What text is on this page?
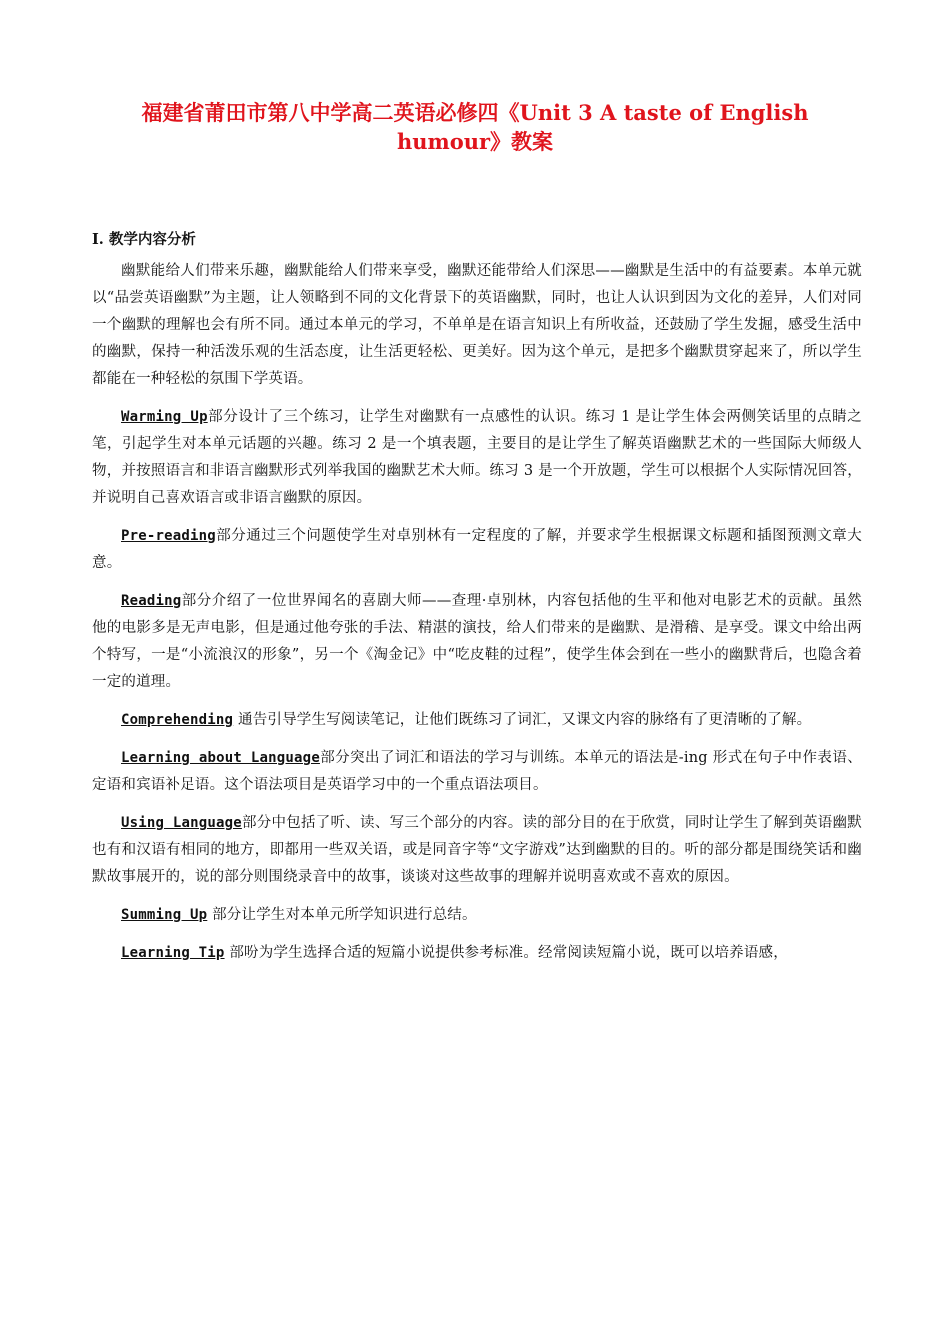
福建省莆田市第八中学高二英语必修四《Unit 3 A taste of English
humour》教案
I. 教学内容分析

幽默能给人们带来乐趣，幽默能给人们带来享受，幽默还能带给人们深思——幽默是生活中的有益要素。本单元就以“品尝英语幽默”为主题，让人领略到不同的文化背景下的英语幽默，同时，也让人认识到因为文化的差异，人们对同一个幽默的理解也会有所不同。通过本单元的学习，不单单是在语言知识上有所收益，还鼓励了学生发掘，感受生活中的幽默，保持一种活泼乐观的生活态度，让生活更轻松、更美好。因为这个单元，是把多个幽默贯穿起来了，所以学生都能在一种轻松的氛围下学英语。

Warming Up部分设计了三个练习，让学生对幽默有一点感性的认识。练习 1 是让学生体会两侧笑话里的点睛之笔，引起学生对本单元话题的兴趣。练习 2 是一个填表题，主要目的是让学生了解英语幽默艺术的一些国际大师级人物，并按照语言和非语言幽默形式列举我国的幽默艺术大师。练习 3 是一个开放题，学生可以根据个人实际情况回答，并说明自己喜欢语言或非语言幽默的原因。

Pre-reading部分通过三个问题使学生对卓别林有一定程度的了解，并要求学生根据课文标题和插图预测文章大意。

Reading部分介绍了一位世界闻名的喜剧大师——查理·卓别林，内容包括他的生平和他对电影艺术的贡献。虽然他的电影多是无声电影，但是通过他夸张的手法、精湛的演技，给人们带来的是幽默、是滑稽、是享受。课文中给出两个特写，一是“小流浪汉的形象”，另一个《淘金记》中“吃皮鞋的过程”，使学生体会到在一些小的幽默背后，也隐含着一定的道理。

Comprehending 通告引导学生写阅读笔记，让他们既练习了词汇，又课文内容的脉络有了更清晰的了解。

Learning about Language部分突出了词汇和语法的学习与训练。本单元的语法是-ing 形式在句子中作表语、定语和宾语补足语。这个语法项目是英语学习中的一个重点语法项目。

Using Language部分中包括了听、读、写三个部分的内容。读的部分目的在于欣赏，同时让学生了解到英语幽默也有和汉语有相同的地方，即都用一些双关语，或是同音字等“文字游戏”达到幽默的目的。听的部分都是围绕笑话和幽默故事展开的，说的部分则围绕录音中的故事，谈谈对这些故事的理解并说明喜欢或不喜欢的原因。

Summing Up 部分让学生对本单元所学知识进行总结。

Learning Tip 部吩为学生选择合适的短篇小说提供参考标准。经常阅读短篇小说，既可以培养语感，
